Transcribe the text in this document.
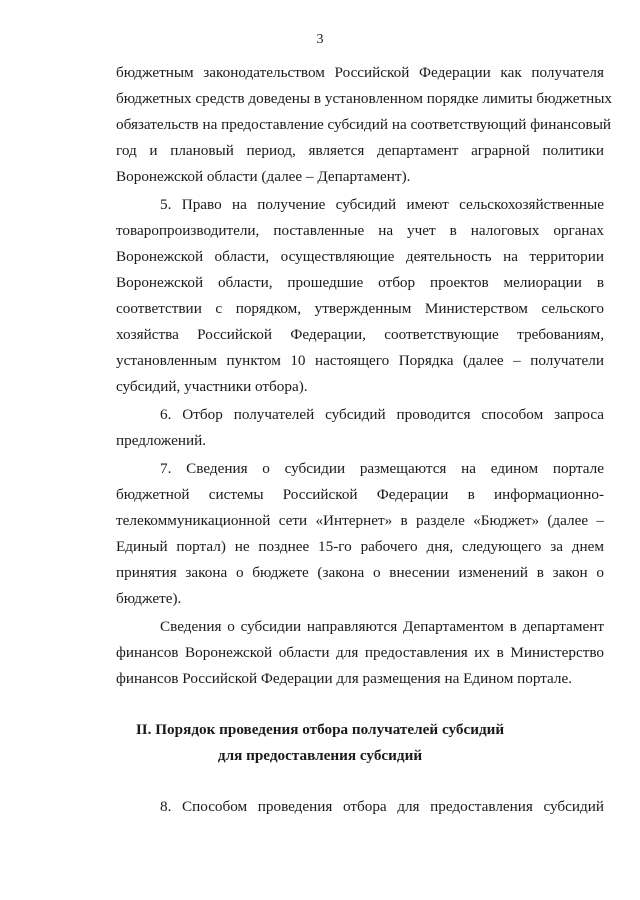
3
бюджетным законодательством Российской Федерации как получателя
бюджетных средств доведены в установленном порядке лимиты бюджетных
обязательств на предоставление субсидий на соответствующий финансовый
год и плановый период, является департамент аграрной политики
Воронежской области (далее – Департамент).
5. Право на получение субсидий имеют сельскохозяйственные
товаропроизводители, поставленные на учет в налоговых органах
Воронежской области, осуществляющие деятельность на территории
Воронежской области, прошедшие отбор проектов мелиорации в
соответствии с порядком, утвержденным Министерством сельского
хозяйства Российской Федерации, соответствующие требованиям,
установленным пунктом 10 настоящего Порядка (далее – получатели
субсидий, участники отбора).
6. Отбор получателей субсидий проводится способом запроса
предложений.
7. Сведения о субсидии размещаются на едином портале
бюджетной системы Российской Федерации в информационно-
телекоммуникационной сети «Интернет» в разделе «Бюджет» (далее –
Единый портал) не позднее 15-го рабочего дня, следующего за днем
принятия закона о бюджете (закона о внесении изменений в закон о
бюджете).
Сведения о субсидии направляются Департаментом в департамент
финансов Воронежской области для предоставления их в Министерство
финансов Российской Федерации для размещения на Едином портале.
II. Порядок проведения отбора получателей субсидий
для предоставления субсидий
8. Способом проведения отбора для предоставления субсидий
